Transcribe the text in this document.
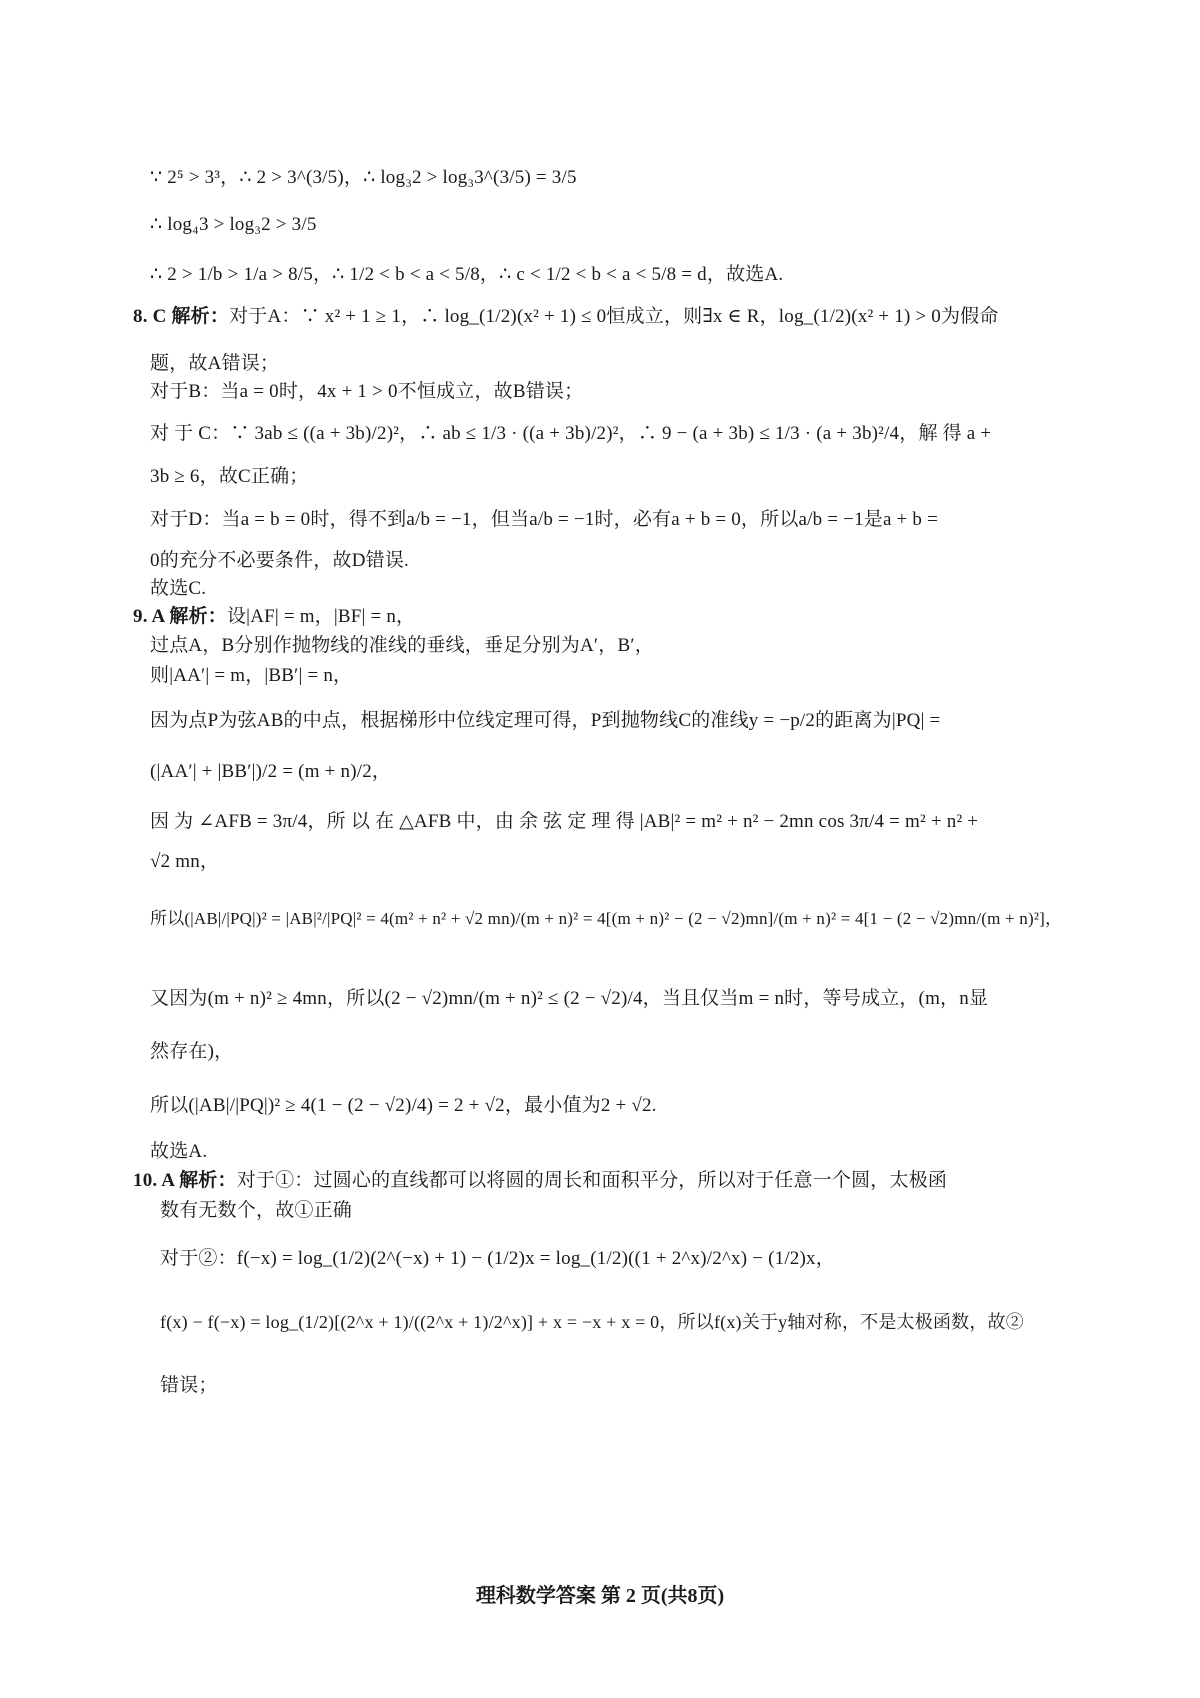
∵ 2⁵ > 3³，∴ 2 > 3^(3/5)，∴ log₃2 > log₃3^(3/5) = 3/5
∴ log₄3 > log₃2 > 3/5
∴ 2 > 1/b > 1/a > 8/5，∴ 1/2 < b < a < 5/8，∴ c < 1/2 < b < a < 5/8 = d，故选A.
8. C 解析：对于A：∵ x² + 1 ≥ 1，∴ log_(1/2)(x² + 1) ≤ 0恒成立，则∃x ∈ R，log_(1/2)(x² + 1) > 0为假命
题，故A错误；
对于B：当a = 0时，4x + 1 > 0不恒成立，故B错误；
对 于 C：∵ 3ab ≤ ((a + 3b)/2)²，∴ ab ≤ 1/3 · ((a + 3b)/2)²，∴ 9 − (a + 3b) ≤ 1/3 · (a + 3b)²/4，解 得 a +
3b ≥ 6，故C正确；
对于D：当a = b = 0时，得不到a/b = −1，但当a/b = −1时，必有a + b = 0，所以a/b = −1是a + b =
0的充分不必要条件，故D错误.
故选C.
9. A 解析：设|AF| = m，|BF| = n，
过点A，B分别作抛物线的准线的垂线，垂足分别为A′，B′，
则|AA′| = m，|BB′| = n，
因为点P为弦AB的中点，根据梯形中位线定理可得，P到抛物线C的准线y = −p/2的距离为|PQ| =
(|AA′| + |BB′|)/2 = (m + n)/2，
因 为 ∠AFB = 3π/4，所 以 在 △AFB 中，由 余 弦 定 理 得 |AB|² = m² + n² − 2mn cos 3π/4 = m² + n² +
√2 mn，
所以(|AB|/|PQ|)² = |AB|²/|PQ|² = 4(m² + n² + √2 mn)/(m + n)² = 4[(m + n)² − (2 − √2)mn]/(m + n)² = 4[1 − (2 − √2)mn/(m + n)²]，
又因为(m + n)² ≥ 4mn，所以(2 − √2)mn/(m + n)² ≤ (2 − √2)/4，当且仅当m = n时，等号成立，(m，n显
然存在)，
所以(|AB|/|PQ|)² ≥ 4(1 − (2 − √2)/4) = 2 + √2，最小值为2 + √2.
故选A.
10. A 解析：对于①：过圆心的直线都可以将圆的周长和面积平分，所以对于任意一个圆，太极函
数有无数个，故①正确
对于②：f(−x) = log_(1/2)(2^(−x) + 1) − (1/2)x = log_(1/2)((1 + 2^x)/2^x) − (1/2)x，
f(x) − f(−x) = log_(1/2)[(2^x + 1)/((2^x + 1)/2^x)] + x = −x + x = 0，所以f(x)关于y轴对称，不是太极函数，故②
错误；
理科数学答案 第 2 页(共8页)
